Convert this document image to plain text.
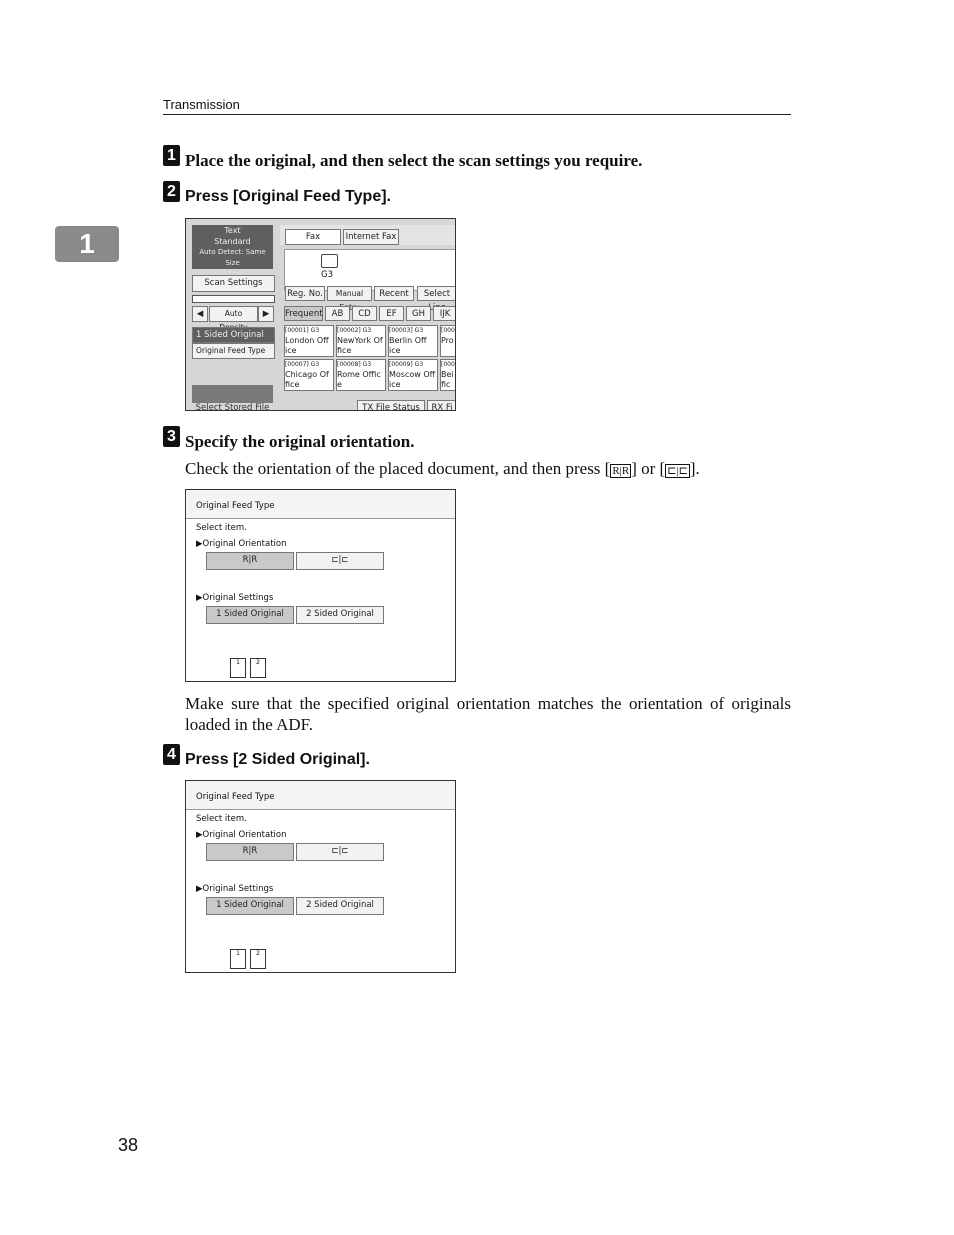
Transmission
1
1 Place the original, and then select the scan settings you require.
2 Press [Original Feed Type].
Text
Standard
Auto Detect: Same Size
Scan Settings
◀	Auto	▶
1 Sided Original
Original Feed Type
Select Stored File
Fax	Internet Fax
G3
Reg. No.	Manual	Recent	Select
Frequent	AB	CD	EF	GH	IJK
[00001] G3
London Off
ice
[00002] G3
NewYork Of
fice
[00003] G3
Berlin Off
ice
[000
Pro
[00007] G3
Chicago Of
fice
[00008] G3
Rome Offic
e
[00009] G3
Moscow Off
ice
[000
Bei
fic
TX File Status	RX Fi
3 Specify the original orientation.
Check the orientation of the placed document, and then press [ R|R ] or [ ⊏|⊏ ].
Original Feed Type
Select item.
▶Original Orientation
R|R	⊏|⊏
▶Original Settings
1 Sided Original	2 Sided Original
1	2
Make sure that the specified original orientation matches the orientation of originals loaded in the ADF.
4 Press [2 Sided Original].
Original Feed Type
Select item.
▶Original Orientation
R|R	⊏|⊏
▶Original Settings
1 Sided Original	2 Sided Original
1	2
38
